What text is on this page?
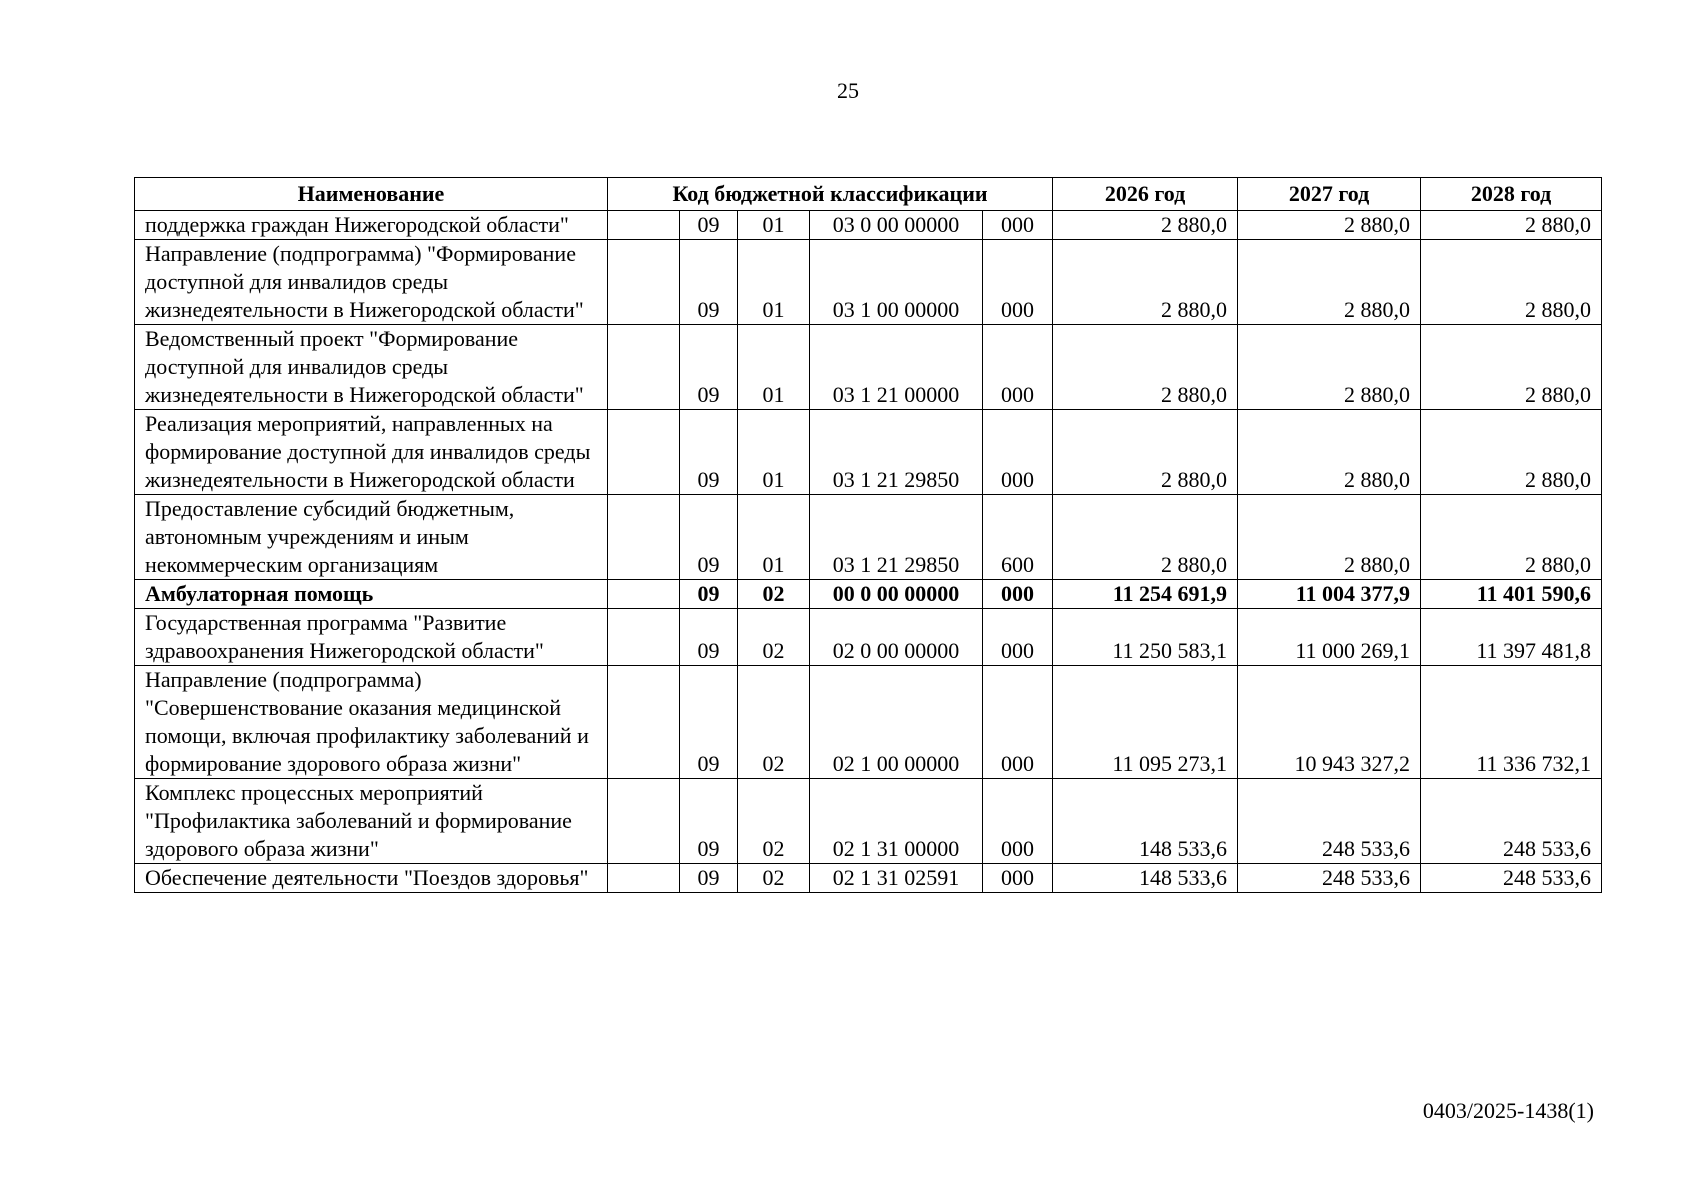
25
Наименование	Код бюджетной классификации					2026 год	2027 год	2028 год
поддержка граждан Нижегородской области"		09	01	03 0 00 00000	000	2 880,0	2 880,0	2 880,0
Направление (подпрограмма) "Формирование доступной для инвалидов среды жизнедеятельности в Нижегородской области"		09	01	03 1 00 00000	000	2 880,0	2 880,0	2 880,0
Ведомственный проект "Формирование доступной для инвалидов среды жизнедеятельности в Нижегородской области"		09	01	03 1 21 00000	000	2 880,0	2 880,0	2 880,0
Реализация мероприятий, направленных на формирование доступной для инвалидов среды жизнедеятельности в Нижегородской области		09	01	03 1 21 29850	000	2 880,0	2 880,0	2 880,0
Предоставление субсидий бюджетным, автономным учреждениям и иным некоммерческим организациям		09	01	03 1 21 29850	600	2 880,0	2 880,0	2 880,0
Амбулаторная помощь		09	02	00 0 00 00000	000	11 254 691,9	11 004 377,9	11 401 590,6
Государственная программа "Развитие здравоохранения Нижегородской области"		09	02	02 0 00 00000	000	11 250 583,1	11 000 269,1	11 397 481,8
Направление (подпрограмма) "Совершенствование оказания медицинской помощи, включая профилактику заболеваний и формирование здорового образа жизни"		09	02	02 1 00 00000	000	11 095 273,1	10 943 327,2	11 336 732,1
Комплекс процессных мероприятий "Профилактика заболеваний и формирование здорового образа жизни"		09	02	02 1 31 00000	000	148 533,6	248 533,6	248 533,6
Обеспечение деятельности "Поездов здоровья"		09	02	02 1 31 02591	000	148 533,6	248 533,6	248 533,6
0403/2025-1438(1)
